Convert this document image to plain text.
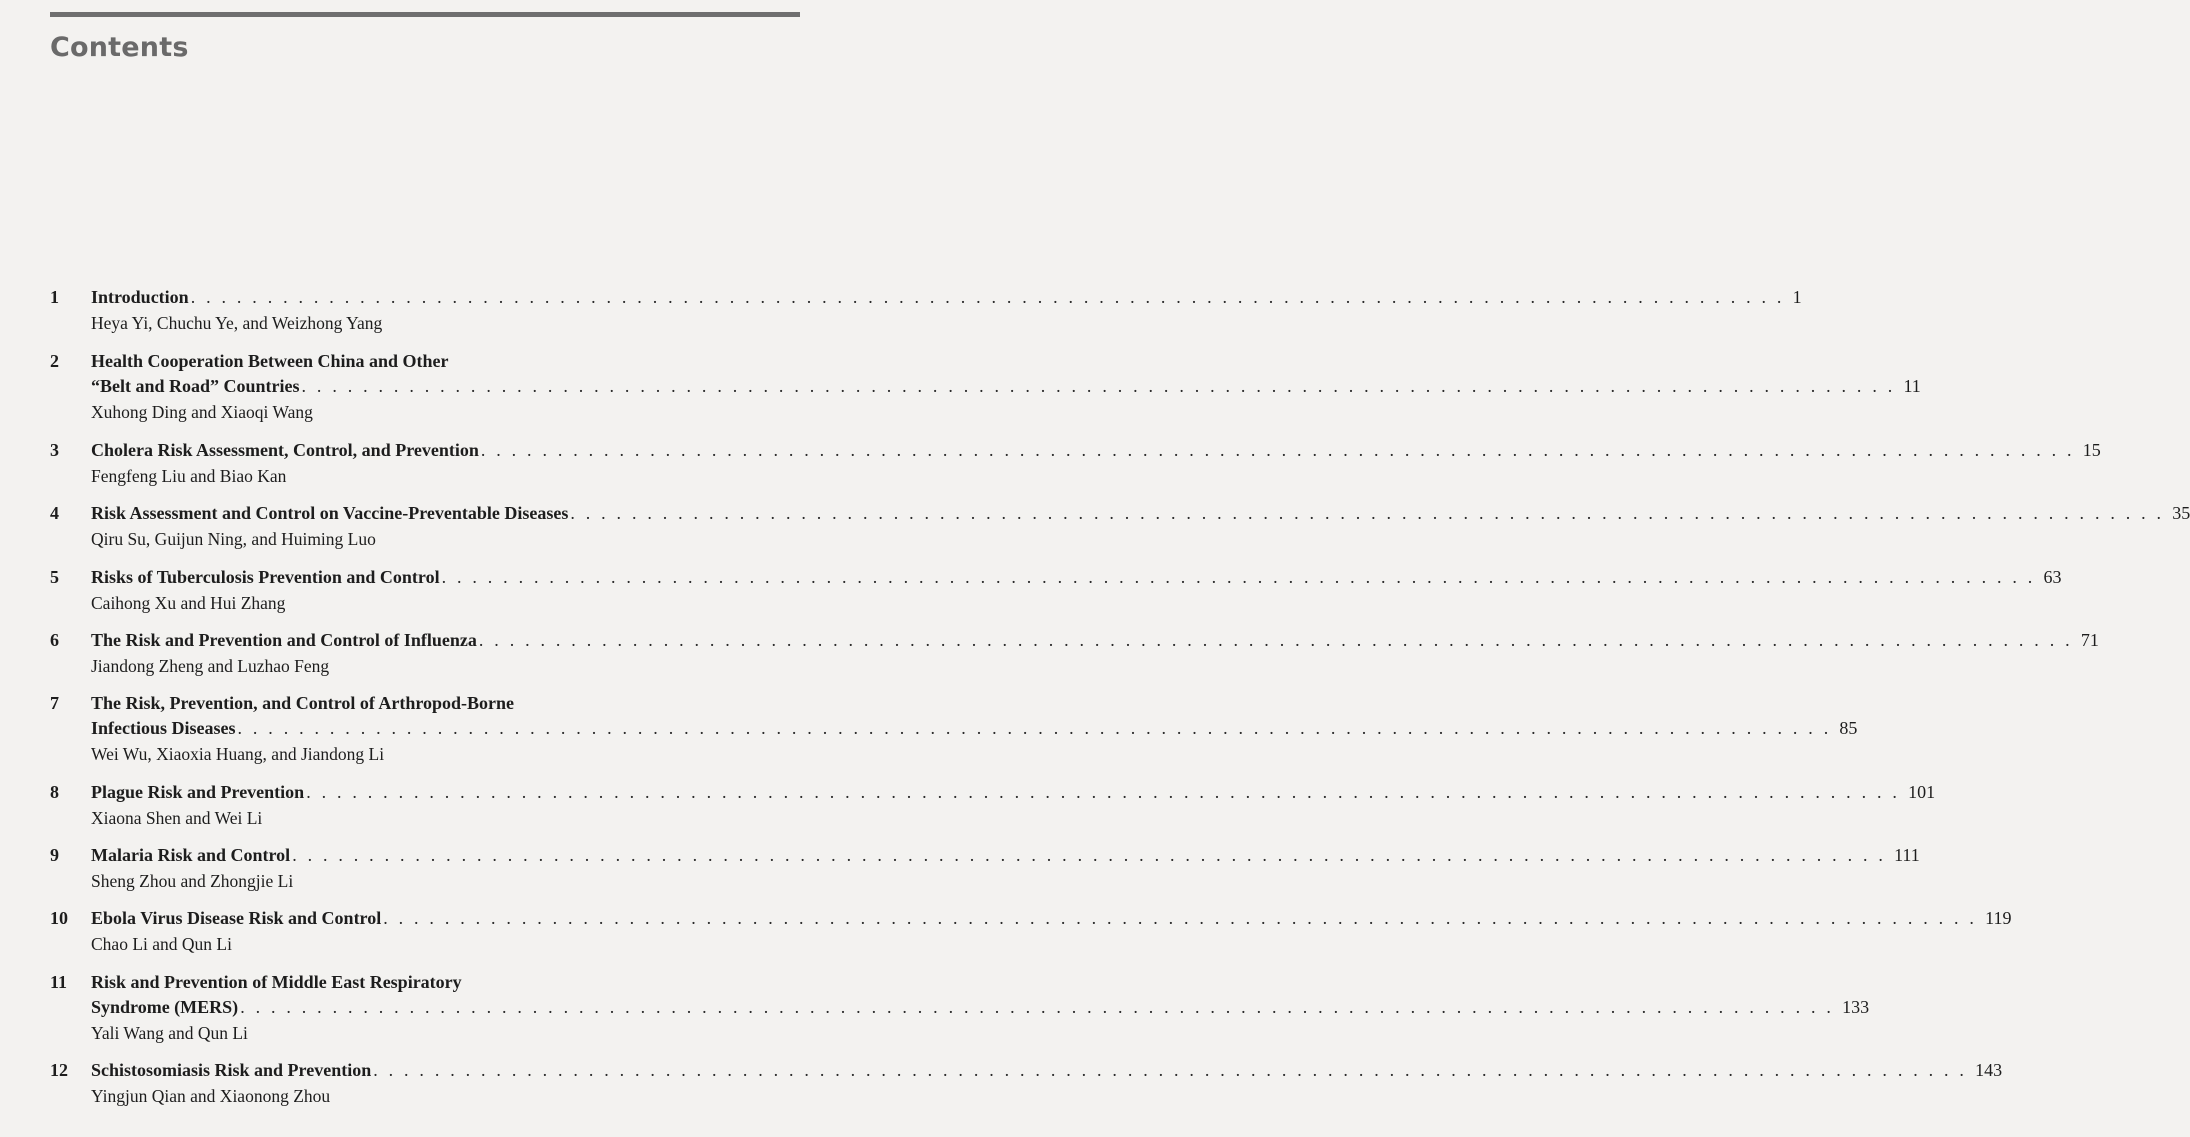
Contents
1	Introduction . . . . . . . . . . . . . . . . . . . . . . . . . . . . . . . . . . . . . . . . . . . . . . . . . . . . . . . . . . . . . . . . . . . . . . . . . . . . . . . . . . . . . . . . . . . . . . . . . . . . . . . . 1
Heya Yi, Chuchu Ye, and Weizhong Yang
2	Health Cooperation Between China and Other
“Belt and Road” Countries . . . . . . . . . . . . . . . . . . . . . . . . . . . . . . . . . . . . . . . . . . . . . . . . . . . . . . . . . . . . . . . . . . . . . . . . . . . . . . . . . . . . . . . . . . . . . . . . . . . . . . . . 11
Xuhong Ding and Xiaoqi Wang
3	Cholera Risk Assessment, Control, and Prevention . . . . . . . . . . . . . . . . . . . . . . . . . . . . . . . . . . . . . . . . . . . . . . . . . . . . . . . . . . . . . . . . . . . . . . . . . . . . . . . . . . . . . . . . . . . . . . . . . . . . . . . . 15
Fengfeng Liu and Biao Kan
4	Risk Assessment and Control on Vaccine-Preventable Diseases . . . . . . . . . . . . . . . . . . . . . . . . . . . . . . . . . . . . . . . . . . . . . . . . . . . . . . . . . . . . . . . . . . . . . . . . . . . . . . . . . . . . . . . . . . . . . . . . . . . . . . . . 35
Qiru Su, Guijun Ning, and Huiming Luo
5	Risks of Tuberculosis Prevention and Control . . . . . . . . . . . . . . . . . . . . . . . . . . . . . . . . . . . . . . . . . . . . . . . . . . . . . . . . . . . . . . . . . . . . . . . . . . . . . . . . . . . . . . . . . . . . . . . . . . . . . . . . 63
Caihong Xu and Hui Zhang
6	The Risk and Prevention and Control of Influenza . . . . . . . . . . . . . . . . . . . . . . . . . . . . . . . . . . . . . . . . . . . . . . . . . . . . . . . . . . . . . . . . . . . . . . . . . . . . . . . . . . . . . . . . . . . . . . . . . . . . . . . . 71
Jiandong Zheng and Luzhao Feng
7	The Risk, Prevention, and Control of Arthropod-Borne
Infectious Diseases . . . . . . . . . . . . . . . . . . . . . . . . . . . . . . . . . . . . . . . . . . . . . . . . . . . . . . . . . . . . . . . . . . . . . . . . . . . . . . . . . . . . . . . . . . . . . . . . . . . . . . . . 85
Wei Wu, Xiaoxia Huang, and Jiandong Li
8	Plague Risk and Prevention . . . . . . . . . . . . . . . . . . . . . . . . . . . . . . . . . . . . . . . . . . . . . . . . . . . . . . . . . . . . . . . . . . . . . . . . . . . . . . . . . . . . . . . . . . . . . . . . . . . . . . . . 101
Xiaona Shen and Wei Li
9	Malaria Risk and Control . . . . . . . . . . . . . . . . . . . . . . . . . . . . . . . . . . . . . . . . . . . . . . . . . . . . . . . . . . . . . . . . . . . . . . . . . . . . . . . . . . . . . . . . . . . . . . . . . . . . . . . . 111
Sheng Zhou and Zhongjie Li
10	Ebola Virus Disease Risk and Control . . . . . . . . . . . . . . . . . . . . . . . . . . . . . . . . . . . . . . . . . . . . . . . . . . . . . . . . . . . . . . . . . . . . . . . . . . . . . . . . . . . . . . . . . . . . . . . . . . . . . . . . 119
Chao Li and Qun Li
11	Risk and Prevention of Middle East Respiratory
Syndrome (MERS) . . . . . . . . . . . . . . . . . . . . . . . . . . . . . . . . . . . . . . . . . . . . . . . . . . . . . . . . . . . . . . . . . . . . . . . . . . . . . . . . . . . . . . . . . . . . . . . . . . . . . . . . 133
Yali Wang and Qun Li
12	Schistosomiasis Risk and Prevention . . . . . . . . . . . . . . . . . . . . . . . . . . . . . . . . . . . . . . . . . . . . . . . . . . . . . . . . . . . . . . . . . . . . . . . . . . . . . . . . . . . . . . . . . . . . . . . . . . . . . . . . 143
Yingjun Qian and Xiaonong Zhou
